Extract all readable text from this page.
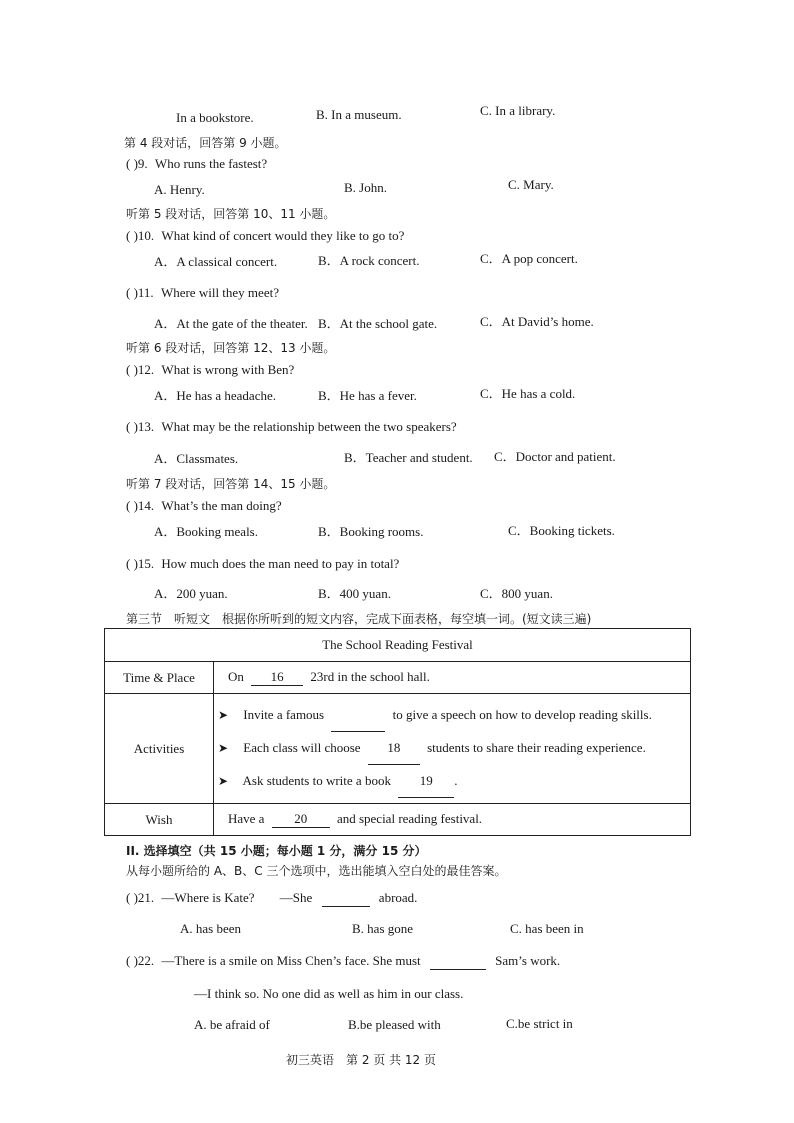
In a bookstore.	B. In a museum.	C. In a library.
第 4 段对话，回答第 9 小题。
( )9. Who runs the fastest?
A. Henry.	B. John.	C. Mary.
听第 5 段对话，回答第 10、11 小题。
( )10. What kind of concert would they like to go to?
A．A classical concert.	B．A rock concert.	C．A pop concert.
( )11. Where will they meet?
A．At the gate of the theater. B．At the school gate.	C．At David’s home.
听第 6 段对话，回答第 12、13 小题。
( )12. What is wrong with Ben?
A．He has a headache.	B．He has a fever.	C．He has a cold.
( )13. What may be the relationship between the two speakers?
A．Classmates.	B．Teacher and student. C．Doctor and patient.
听第 7 段对话，回答第 14、15 小题。
( )14. What’s the man doing?
A．Booking meals.	B．Booking rooms.	C．Booking tickets.
( )15. How much does the man need to pay in total?
A．200 yuan.	B．400 yuan.	C．800 yuan.
第三节　听短文　根据你所听到的短文内容，完成下面表格，每空填一词。(短文读三遍)
The School Reading Festival	
Time & Place	On 16 23rd in the school hall.
Activities	➤ Invite a famous to give a speech on how to develop reading skills.
➤ Each class will choose 18 students to share their reading experience.
➤ Ask students to write a book 19 .

Wish	Have a 20 and special reading festival.
II. 选择填空（共 15 小题；每小题 1 分，满分 15 分）
从每小题所给的 A、B、C 三个选项中，选出能填入空白处的最佳答案。
( )21. —Where is Kate? —She	abroad.
A. has been	B. has gone	C. has been in
( )22. —There is a smile on Miss Chen’s face. She must	Sam’s work.
—I think so. No one did as well as him in our class.
A. be afraid of	B.be pleased with	C.be strict in
初三英语　第 2 页 共 12 页
